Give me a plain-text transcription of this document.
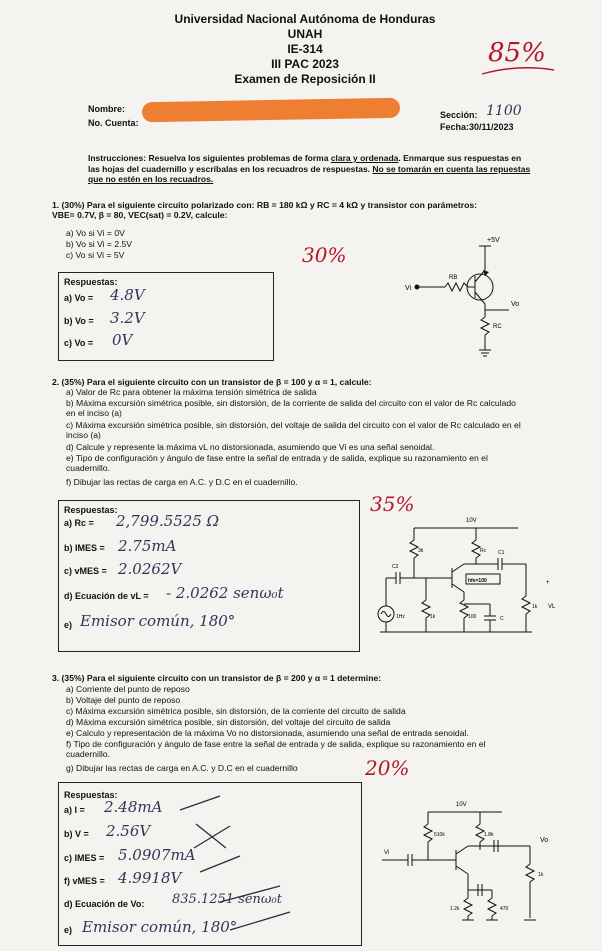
Universidad Nacional Autónoma de Honduras
UNAH
IE-314
III PAC 2023
Examen de Reposición II
85%
Nombre:
No. Cuenta:
Sección: 1100
Fecha:30/11/2023
Instrucciones: Resuelva los siguientes problemas de forma clara y ordenada. Enmarque sus respuestas en las hojas del cuadernillo y escríbalas en los recuadros de respuestas. No se tomarán en cuenta las repuestas que no estén en los recuadros.
1. (30%) Para el siguiente circuito polarizado con: RB = 180 kΩ y RC = 4 kΩ y transistor con parámetros: VBE= 0.7V, β = 80, VEC(sat) = 0.2V, calcule:
a) Vo si Vi = 0V
b) Vo si Vi = 2.5V
c) Vo si Vi = 5V	30%
Respuestas:
a) Vo = 4.8V
b) Vo = 3.2V
c) Vo = 0V
+5V
Vi
RB
Vo
RC
2. (35%) Para el siguiente circuito con un transistor de β = 100 y α = 1, calcule:
a) Valor de Rc para obtener la máxima tensión simétrica de salida
b) Máxima excursión simétrica posible, sin distorsión, de la corriente de salida del circuito con el valor de Rc calculado en el inciso (a)
c) Máxima excursión simétrica posible, sin distorsión, del voltaje de salida del circuito con el valor de Rc calculado en el inciso (a)
d) Calcule y represente la máxima vL no distorsionada, asumiendo que Vi es una señal senoidal.
e) Tipo de configuración y ángulo de fase entre la señal de entrada y de salida, explique su razonamiento en el cuadernillo.
f) Dibujar las rectas de carga en A.C. y D.C en el cuadernillo.
35%
Respuestas:
a) Rc = 2,799.5525 Ω
b) IMES = 2.75mA
c) vMES = 2.0262V
d) Ecuación de vL = - 2.0262 senω₀t
e) Emisor común, 180°
10V
3k	Rc C1
C2
hfe=100
1Hz	1k	100	C
1k VL
+
3. (35%) Para el siguiente circuito con un transistor de β = 200 y α = 1 determine:
a) Corriente del punto de reposo
b) Voltaje del punto de reposo
c) Máxima excursión simétrica posible, sin distorsión, de la corriente del circuito de salida
d) Máxima excursión simétrica posible, sin distorsión, del voltaje del circuito de salida
e) Calculo y representación de la máxima Vo no distorsionada, asumiendo una señal de entrada senoidal.
f) Tipo de configuración y ángulo de fase entre la señal de entrada y de salida, explique su razonamiento en el cuadernillo.
g) Dibujar las rectas de carga en A.C. y D.C en el cuadernillo	20%
Respuestas:
a) I = 2.48mA
b) V = 2.56V
c) IMES = 5.0907mA
f) vMES = 4.9918V
d) Ecuación de Vo: 835.1251 senω₀t
e) Emisor común, 180°
10V
510k	1.8k
Vi
Vo
1k
1.2k	470
